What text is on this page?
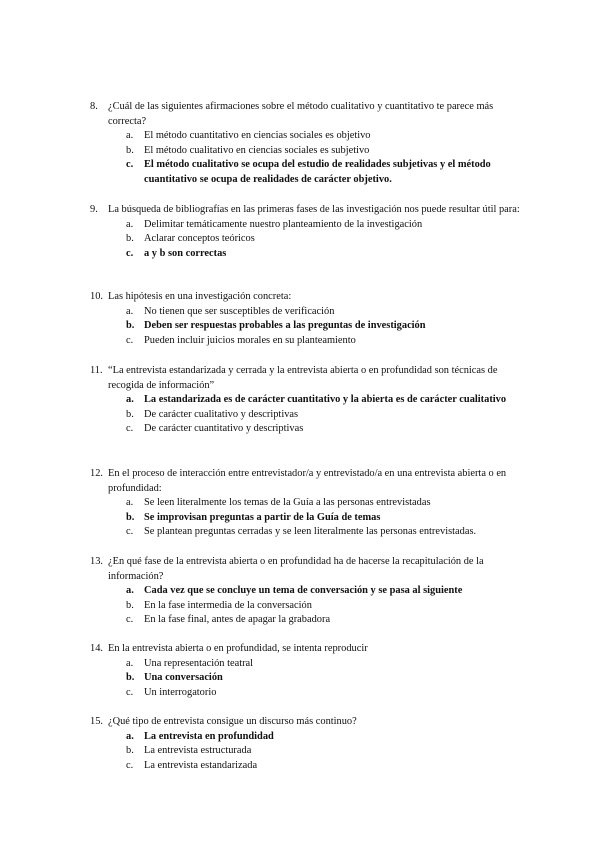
8. ¿Cuál de las siguientes afirmaciones sobre el método cualitativo y cuantitativo te parece más correcta?
a. El método cuantitativo en ciencias sociales es objetivo
b. El método cualitativo en ciencias sociales es subjetivo
c. El método cualitativo se ocupa del estudio de realidades subjetivas y el método cuantitativo se ocupa de realidades de carácter objetivo.
9. La búsqueda de bibliografías en las primeras fases de las investigación nos puede resultar útil para:
a. Delimitar temáticamente nuestro planteamiento de la investigación
b. Aclarar conceptos teóricos
c. a y b son correctas
10. Las hipótesis en una investigación concreta:
a. No tienen que ser susceptibles de verificación
b. Deben ser respuestas probables a las preguntas de investigación
c. Pueden incluir juicios morales en su planteamiento
11. “La entrevista estandarizada y cerrada y la entrevista abierta o en profundidad son técnicas de recogida de información”
a. La estandarizada es de carácter cuantitativo y la abierta es de carácter cualitativo
b. De carácter cualitativo y descriptivas
c. De carácter cuantitativo y descriptivas
12. En el proceso de interacción entre entrevistador/a y entrevistado/a en una entrevista abierta o en profundidad:
a. Se leen literalmente los temas de la Guía a las personas entrevistadas
b. Se improvisan preguntas a partir de la Guía de temas
c. Se plantean preguntas cerradas y se leen literalmente las personas entrevistadas.
13. ¿En qué fase de la entrevista abierta o en profundidad ha de hacerse la recapitulación de la información?
a. Cada vez que se concluye un tema de conversación y se pasa al siguiente
b. En la fase intermedia de la conversación
c. En la fase final, antes de apagar la grabadora
14. En la entrevista abierta o en profundidad, se intenta reproducir
a. Una representación teatral
b. Una conversación
c. Un interrogatorio
15. ¿Qué tipo de entrevista consigue un discurso más continuo?
a. La entrevista en profundidad
b. La entrevista estructurada
c. La entrevista estandarizada
